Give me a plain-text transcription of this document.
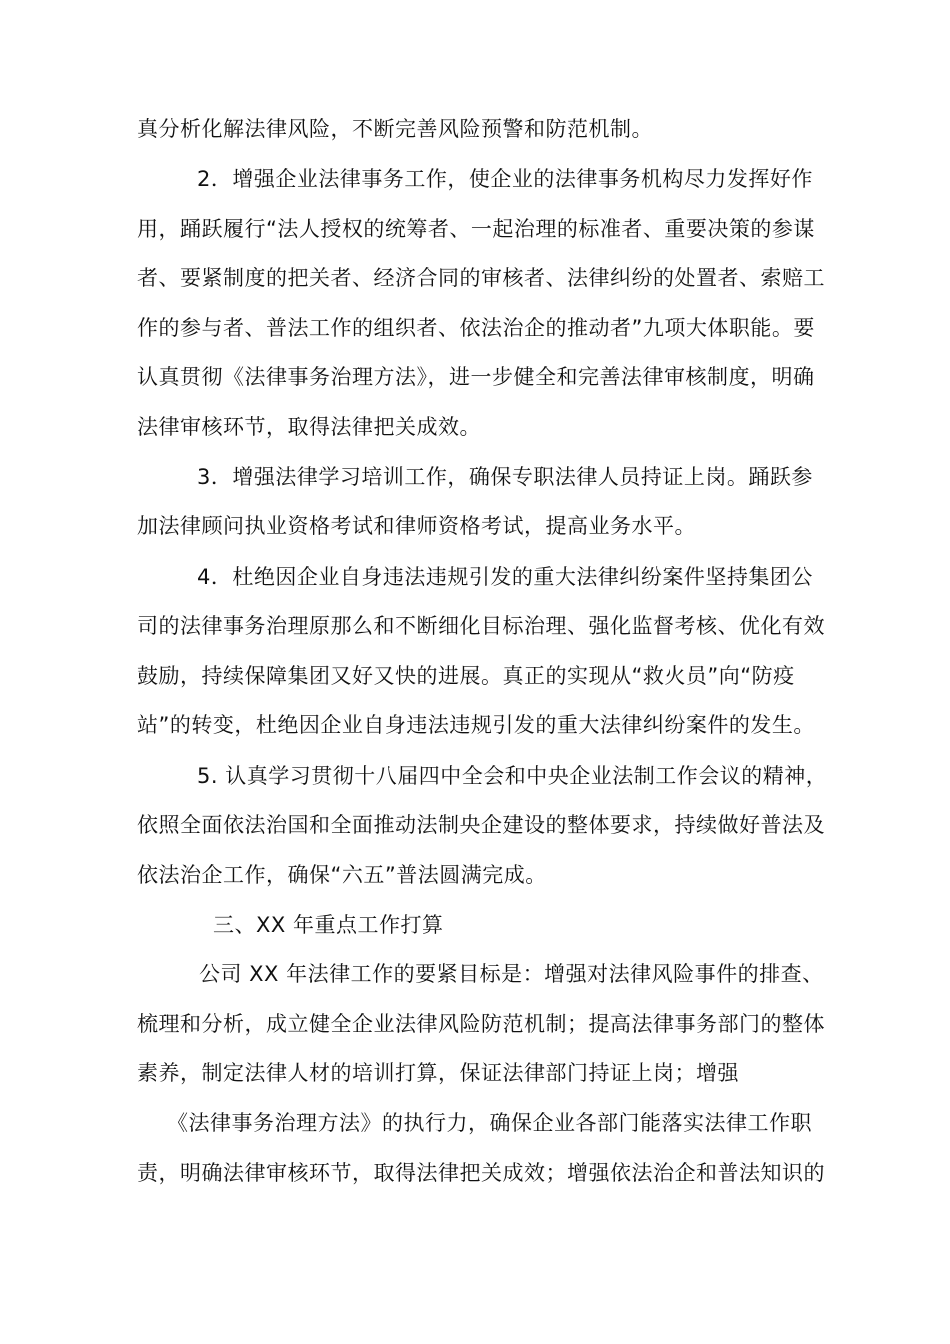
真分析化解法律风险，不断完善风险预警和防范机制。

2．增强企业法律事务工作，使企业的法律事务机构尽力发挥好作

用，踊跃履行“法人授权的统筹者、一起治理的标准者、重要决策的参谋

者、要紧制度的把关者、经济合同的审核者、法律纠纷的处置者、索赔工

作的参与者、普法工作的组织者、依法治企的推动者”九项大体职能。要

认真贯彻《法律事务治理方法》，进一步健全和完善法律审核制度，明确

法律审核环节，取得法律把关成效。

3．增强法律学习培训工作，确保专职法律人员持证上岗。踊跃参

加法律顾问执业资格考试和律师资格考试，提高业务水平。

4．杜绝因企业自身违法违规引发的重大法律纠纷案件坚持集团公

司的法律事务治理原那么和不断细化目标治理、强化监督考核、优化有效

鼓励，持续保障集团又好又快的进展。真正的实现从“救火员”向“防疫

站”的转变，杜绝因企业自身违法违规引发的重大法律纠纷案件的发生。

5. 认真学习贯彻十八届四中全会和中央企业法制工作会议的精神，

依照全面依法治国和全面推动法制央企建设的整体要求，持续做好普法及

依法治企工作，确保“六五”普法圆满完成。

三、XX 年重点工作打算

公司 XX 年法律工作的要紧目标是：增强对法律风险事件的排查、

梳理和分析，成立健全企业法律风险防范机制；提高法律事务部门的整体

素养，制定法律人材的培训打算，保证法律部门持证上岗；增强

《法律事务治理方法》的执行力，确保企业各部门能落实法律工作职

责，明确法律审核环节，取得法律把关成效；增强依法治企和普法知识的
